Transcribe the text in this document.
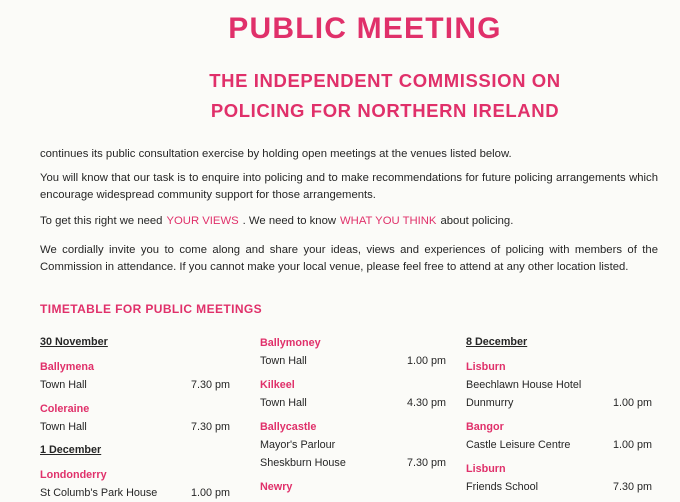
PUBLIC MEETING
THE INDEPENDENT COMMISSION ON
POLICING FOR NORTHERN IRELAND
continues its public consultation exercise by holding open meetings at the venues listed below.
You will know that our task is to enquire into policing and to make recommendations for future policing arrangements which encourage widespread community support for those arrangements.
To get this right we need YOUR VIEWS . We need to know WHAT YOU THINK about policing.
We cordially invite you to come along and share your ideas, views and experiences of policing with members of the Commission in attendance. If you cannot make your local venue, please feel free to attend at any other location listed.
TIMETABLE FOR PUBLIC MEETINGS
30 November
Ballymena
Town Hall	7.30 pm
Coleraine
Town Hall	7.30 pm
1 December
Londonderry
St Columb's Park House	1.00 pm
Ballymoney
Town Hall	1.00 pm
Kilkeel
Town Hall	4.30 pm
Ballycastle
Mayor's Parlour
Sheskburn House	7.30 pm
Newry
8 December
Lisburn
Beechlawn House Hotel
Dunmurry	1.00 pm
Bangor
Castle Leisure Centre	1.00 pm
Lisburn
Friends School	7.30 pm
